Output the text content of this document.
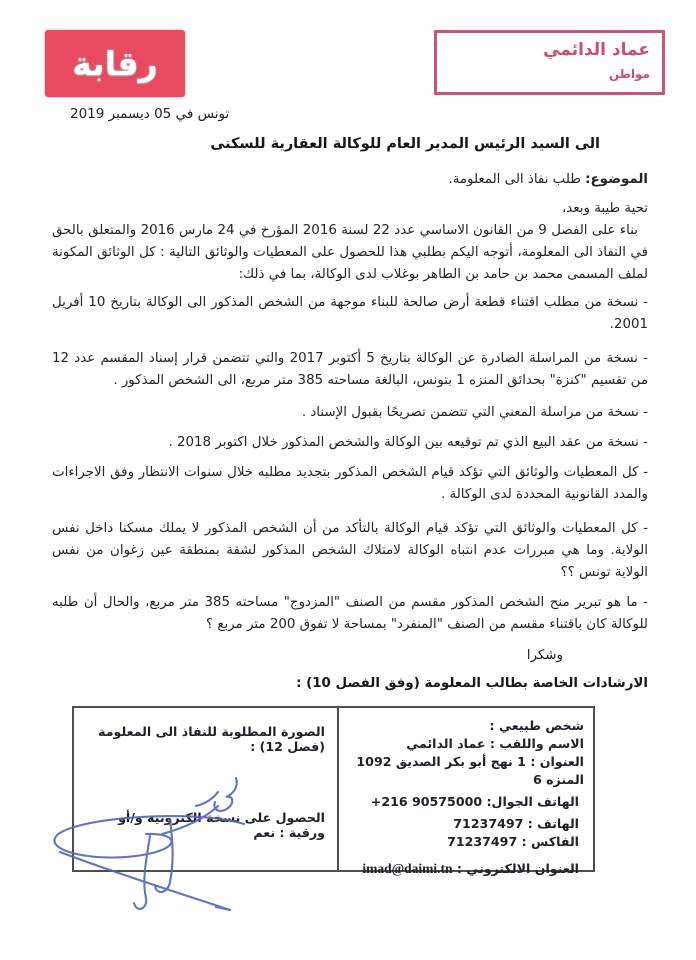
رقابة	عماد الدائمي
مواطن
تونس في 05 ديسمبر 2019
الى السيد الرئيس المدير العام للوكالة العقارية للسكنى
الموضوع: طلب نفاذ الى المعلومة.
تحية طيبة وبعد،
بناء على الفصل 9 من القانون الاساسي عدد 22 لسنة 2016 المؤرخ في 24 مارس 2016 والمتعلق بالحق في النفاذ الى المعلومة، أتوجه اليكم بطلبي هذا للحصول على المعطيات والوثائق التالية : كل الوثائق المكونة لملف المسمى محمد بن حامد بن الطاهر بوغلاب لدى الوكالة، بما في ذلك:
- نسخة من مطلب اقتناء قطعة أرض صالحة للبناء موجهة من الشخص المذكور الى الوكالة بتاريخ 10 أفريل 2001.
- نسخة من المراسلة الصادرة عن الوكالة بتاريخ 5 أكتوبر 2017 والتي تتضمن قرار إسناد المقسم عدد 12 من تقسيم "كنزة" بحدائق المنزه 1 بتونس، البالغة مساحته 385 متر مربع، الى الشخص المذكور .
- نسخة من مراسلة المعني التي تتضمن تصريحًا بقبول الإسناد .
- نسخة من عقد البيع الذي تم توقيعه بين الوكالة والشخص المذكور خلال اكتوبر 2018 .
- كل المعطيات والوثائق التي تؤكد قيام الشخص المذكور بتجديد مطلبه خلال سنوات الانتظار وفق الاجراءات والمدد القانونية المحددة لدى الوكالة .
- كل المعطيات والوثائق التي تؤكد قيام الوكالة بالتأكد من أن الشخص المذكور لا يملك مسكنا داخل نفس الولاية. وما هي مبررات عدم انتباه الوكالة لامتلاك الشخص المذكور لشقة بمنطقة عين زغوان من نفس الولاية تونس ؟؟
- ما هو تبرير منح الشخص المذكور مقسم من الصنف "المزدوج" مساحته 385 متر مربع، والحال أن طلبه للوكالة كان باقتناء مقسم من الصنف "المنفرد" بمساحة لا تفوق 200 متر مربع ؟
وشكرا
الارشادات الخاصة بطالب المعلومة (وفق الفصل 10) :
شخص طبيعي :
الاسم واللقب : عماد الدائمي
العنوان : 1 نهج أبو بكر الصديق 1092 المنزه 6
الهاتف الجوال: +216 90575000
الهاتف : 71237497
الفاكس : 71237497
العنوان الالكتروني : imad@daimi.tn
الصورة المطلوبة للنفاذ الى المعلومة (فصل 12) :
الحصول على نسخة الكترونية و/أو ورقية : نعم
